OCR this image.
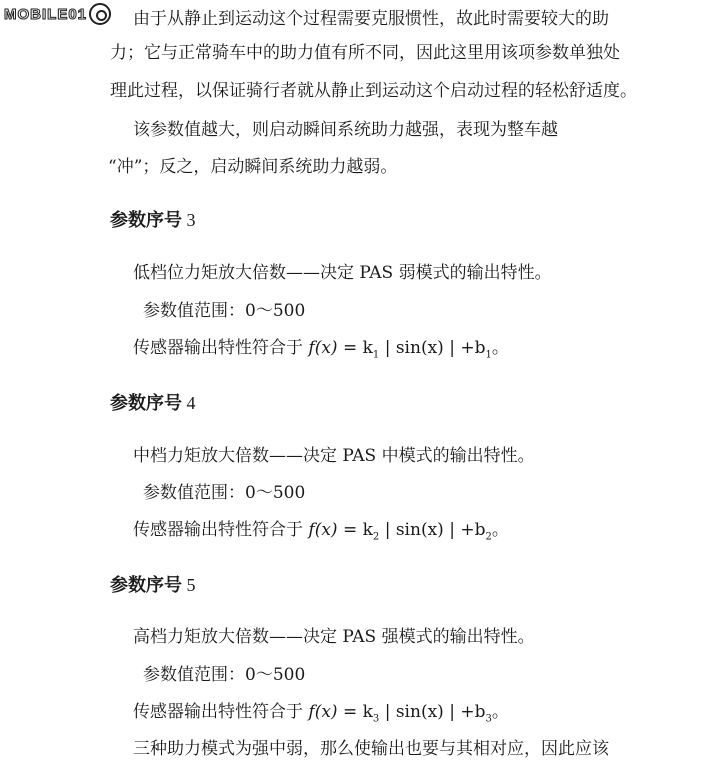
MOBILE01	由于从静止到运动这个过程需要克服惯性，故此时需要较大的助
力；它与正常骑车中的助力值有所不同，因此这里用该项参数单独处
理此过程，以保证骑行者就从静止到运动这个启动过程的轻松舒适度。
该参数值越大，则启动瞬间系统助力越强，表现为整车越
“冲”；反之，启动瞬间系统助力越弱。
参数序号 3
低档位力矩放大倍数——决定 PAS 弱模式的输出特性。
参数值范围：0～500
传感器输出特性符合于 $f(x) = k_1$ | sin(x) | $+b_1$。
参数序号 4
中档力矩放大倍数——决定 PAS 中模式的输出特性。
参数值范围：0～500
传感器输出特性符合于 $f(x) = k_2$ | sin(x) | $+b_2$。
参数序号 5
高档力矩放大倍数——决定 PAS 强模式的输出特性。
参数值范围：0～500
传感器输出特性符合于 $f(x) = k_3$ | sin(x) | $+b_3$。
三种助力模式为强中弱，那么使输出也要与其相对应，因此应该
